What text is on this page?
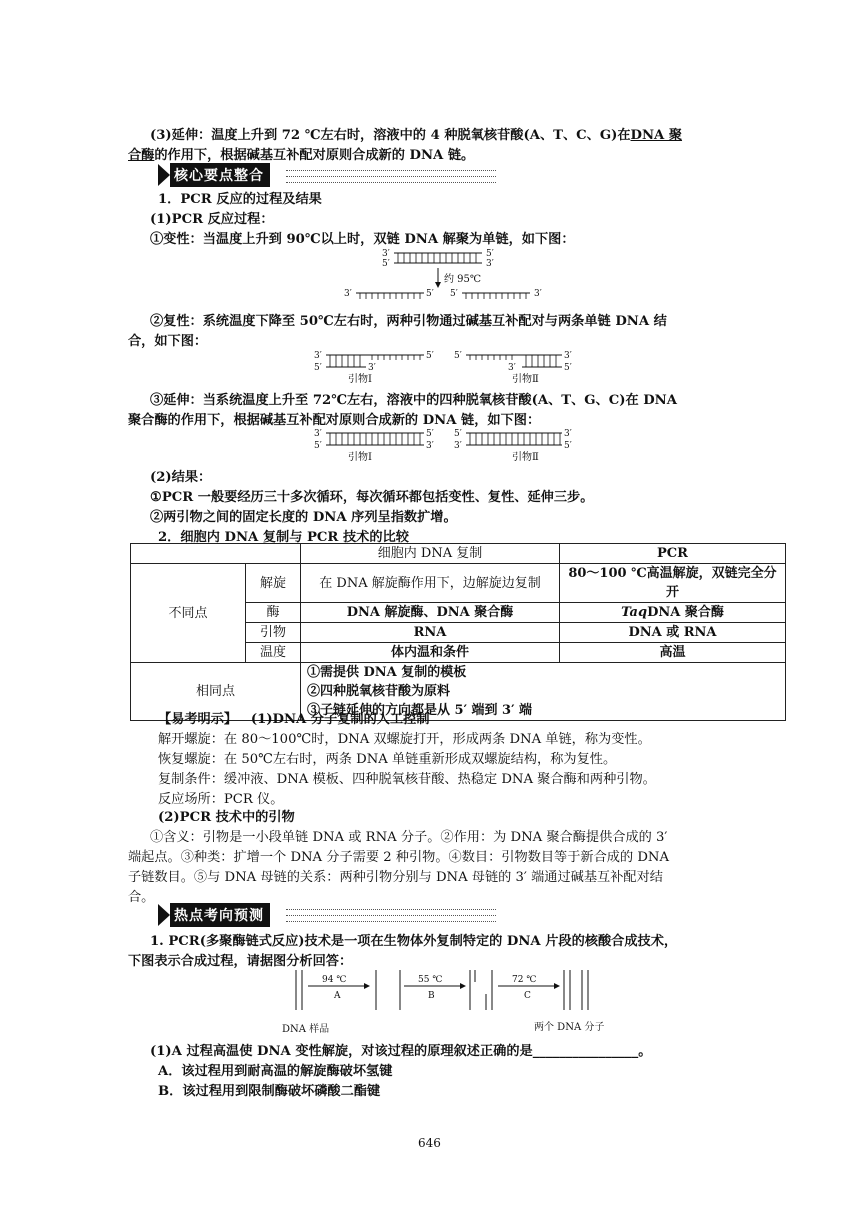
(3)延伸：温度上升到 72 ℃左右时，溶液中的 4 种脱氧核苷酸(A、T、C、G)在DNA 聚
合酶的作用下，根据碱基互补配对原则合成新的 DNA 链。
核心要点整合
1．PCR 反应的过程及结果
(1)PCR 反应过程：
①变性：当温度上升到 90℃以上时，双链 DNA 解聚为单链，如下图：
3′
5′
5′
3′
约 95℃
3′	5′ 5′	3′
②复性：系统温度下降至 50℃左右时，两种引物通过碱基互补配对与两条单链 DNA 结
合，如下图：
3′
5′	3′
5′
引物Ⅰ
5′
3′
3′
5′
引物Ⅱ
③延伸：当系统温度上升至 72℃左右，溶液中的四种脱氧核苷酸(A、T、G、C)在 DNA
聚合酶的作用下，根据碱基互补配对原则合成新的 DNA 链，如下图：
3′
5′
5′
3′
引物Ⅰ
5′
3′
3′
5′
引物Ⅱ
(2)结果：
①PCR 一般要经历三十多次循环，每次循环都包括变性、复性、延伸三步。
②两引物之间的固定长度的 DNA 序列呈指数扩增。
2．细胞内 DNA 复制与 PCR 技术的比较
		细胞内 DNA 复制	PCR
不同点	解旋	在 DNA 解旋酶作用下，边解旋边复制	80～100 ℃高温解旋，双链完全分开
	酶	DNA 解旋酶、DNA 聚合酶	TaqDNA 聚合酶
	引物	RNA	DNA 或 RNA
	温度	体内温和条件	高温
相同点		①需提供 DNA 复制的模板
②四种脱氧核苷酸为原料
③子链延伸的方向都是从 5′ 端到 3′ 端	
【易考明示】 (1)DNA 分子复制的人工控制
解开螺旋：在 80～100℃时，DNA 双螺旋打开，形成两条 DNA 单链，称为变性。
恢复螺旋：在 50℃左右时，两条 DNA 单链重新形成双螺旋结构，称为复性。
复制条件：缓冲液、DNA 模板、四种脱氧核苷酸、热稳定 DNA 聚合酶和两种引物。
反应场所：PCR 仪。
(2)PCR 技术中的引物
①含义：引物是一小段单链 DNA 或 RNA 分子。②作用：为 DNA 聚合酶提供合成的 3′
端起点。③种类：扩增一个 DNA 分子需要 2 种引物。④数目：引物数目等于新合成的 DNA
子链数目。⑤与 DNA 母链的关系：两种引物分别与 DNA 母链的 3′ 端通过碱基互补配对结
合。
热点考向预测
1. PCR(多聚酶链式反应)技术是一项在生物体外复制特定的 DNA 片段的核酸合成技术，
下图表示合成过程，请据图分析回答：
94 ℃
A
55 ℃
B
72 ℃
C
DNA 样品	两个 DNA 分子
(1)A 过程高温使 DNA 变性解旋，对该过程的原理叙述正确的是________________。
A．该过程用到耐高温的解旋酶破坏氢键
B．该过程用到限制酶破坏磷酸二酯键
646
